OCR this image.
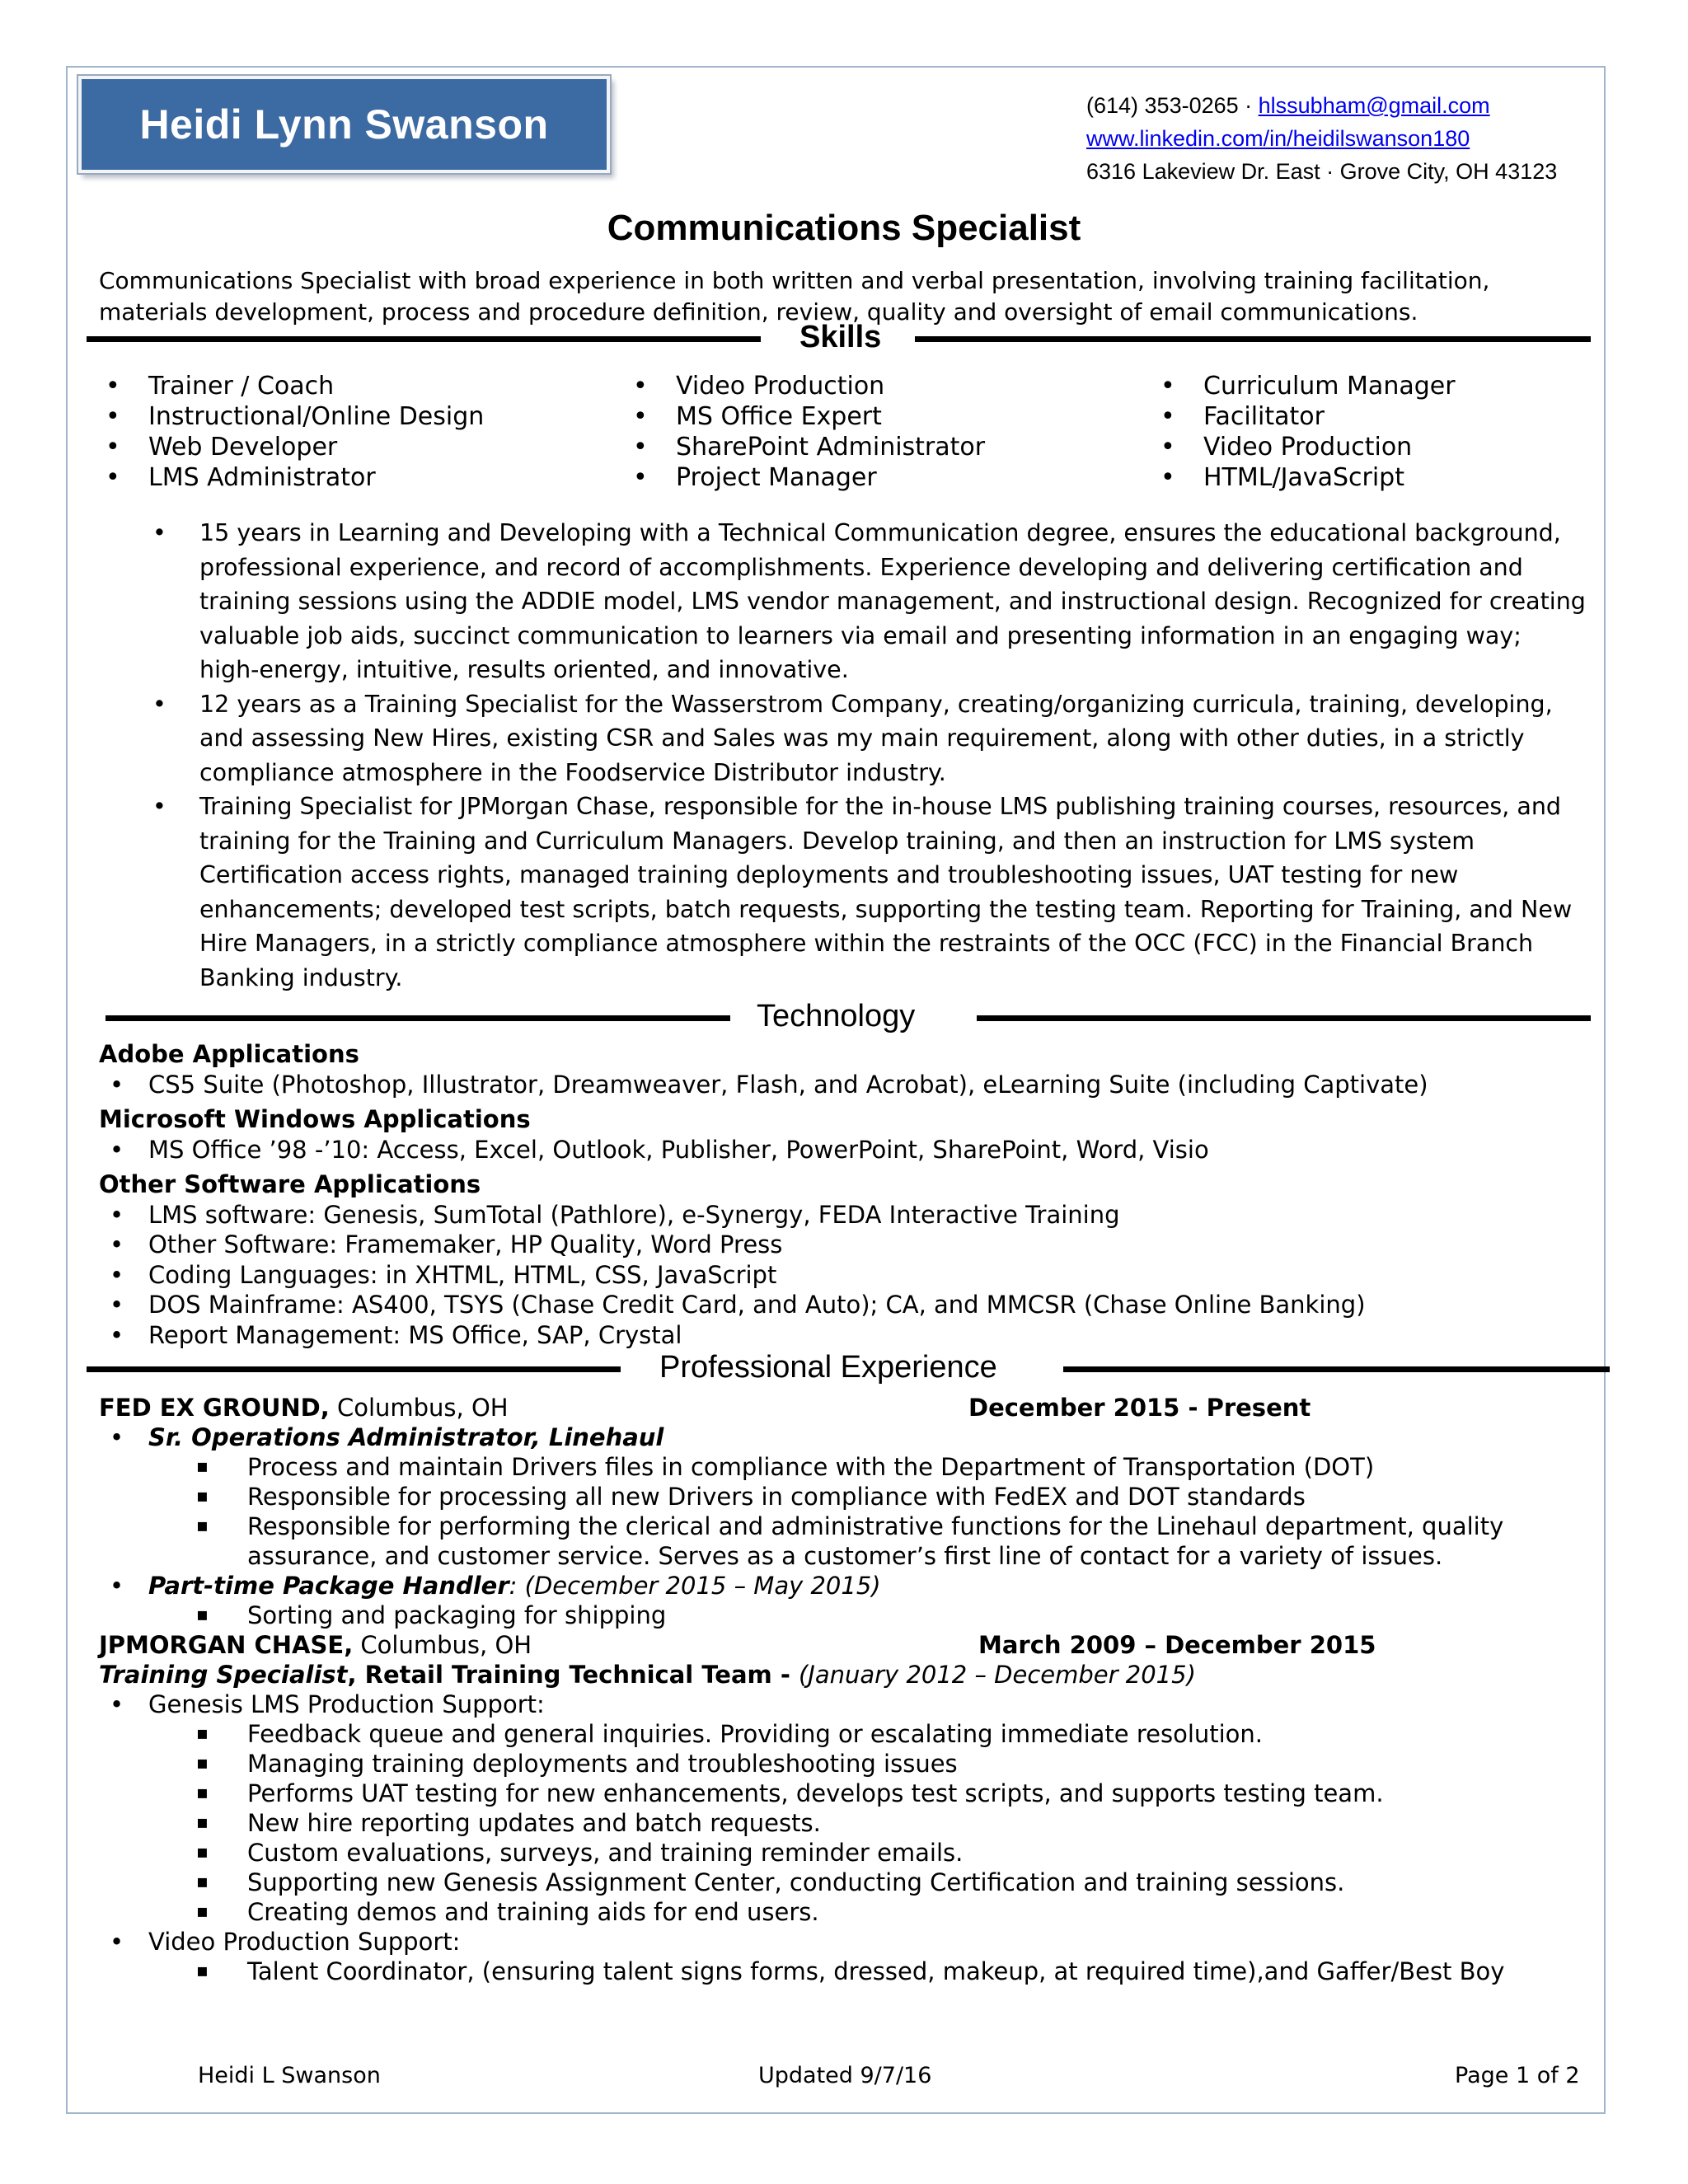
Heidi Lynn Swanson	(614) 353-0265 · hlssubham@gmail.com
www.linkedin.com/in/heidilswanson180
6316 Lakeview Dr. East · Grove City, OH 43123
Communications Specialist
Communications Specialist with broad experience in both written and verbal presentation, involving training facilitation, materials development, process and procedure definition, review, quality and oversight of email communications.
Skills
• Trainer / Coach
• Instructional/Online Design
• Web Developer
• LMS Administrator
• Video Production
• MS Office Expert
• SharePoint Administrator
• Project Manager
• Curriculum Manager
• Facilitator
• Video Production
• HTML/JavaScript
• 15 years in Learning and Developing with a Technical Communication degree, ensures the educational background, professional experience, and record of accomplishments. Experience developing and delivering certification and training sessions using the ADDIE model, LMS vendor management, and instructional design. Recognized for creating valuable job aids, succinct communication to learners via email and presenting information in an engaging way; high-energy, intuitive, results oriented, and innovative.
• 12 years as a Training Specialist for the Wasserstrom Company, creating/organizing curricula, training, developing, and assessing New Hires, existing CSR and Sales was my main requirement, along with other duties, in a strictly compliance atmosphere in the Foodservice Distributor industry.
• Training Specialist for JPMorgan Chase, responsible for the in-house LMS publishing training courses, resources, and training for the Training and Curriculum Managers. Develop training, and then an instruction for LMS system Certification access rights, managed training deployments and troubleshooting issues, UAT testing for new enhancements; developed test scripts, batch requests, supporting the testing team. Reporting for Training, and New Hire Managers, in a strictly compliance atmosphere within the restraints of the OCC (FCC) in the Financial Branch Banking industry.
Technology
Adobe Applications
• CS5 Suite (Photoshop, Illustrator, Dreamweaver, Flash, and Acrobat), eLearning Suite (including Captivate)
Microsoft Windows Applications
• MS Office ’98 -’10: Access, Excel, Outlook, Publisher, PowerPoint, SharePoint, Word, Visio
Other Software Applications
• LMS software: Genesis, SumTotal (Pathlore), e-Synergy, FEDA Interactive Training
• Other Software: Framemaker, HP Quality, Word Press
• Coding Languages: in XHTML, HTML, CSS, JavaScript
• DOS Mainframe: AS400, TSYS (Chase Credit Card, and Auto); CA, and MMCSR (Chase Online Banking)
• Report Management: MS Office, SAP, Crystal
Professional Experience
FED EX GROUND, Columbus, OH	December 2015 - Present
• Sr. Operations Administrator, Linehaul
▪ Process and maintain Drivers files in compliance with the Department of Transportation (DOT)
▪ Responsible for processing all new Drivers in compliance with FedEX and DOT standards
▪ Responsible for performing the clerical and administrative functions for the Linehaul department, quality assurance, and customer service. Serves as a customer’s first line of contact for a variety of issues.
• Part-time Package Handler: (December 2015 – May 2015)
▪ Sorting and packaging for shipping
JPMORGAN CHASE, Columbus, OH	March 2009 – December 2015
Training Specialist, Retail Training Technical Team - (January 2012 – December 2015)
• Genesis LMS Production Support:
▪ Feedback queue and general inquiries. Providing or escalating immediate resolution.
▪ Managing training deployments and troubleshooting issues
▪ Performs UAT testing for new enhancements, develops test scripts, and supports testing team.
▪ New hire reporting updates and batch requests.
▪ Custom evaluations, surveys, and training reminder emails.
▪ Supporting new Genesis Assignment Center, conducting Certification and training sessions.
▪ Creating demos and training aids for end users.
• Video Production Support:
▪ Talent Coordinator, (ensuring talent signs forms, dressed, makeup, at required time),and Gaffer/Best Boy
Heidi L Swanson	Updated 9/7/16	Page 1 of 2
